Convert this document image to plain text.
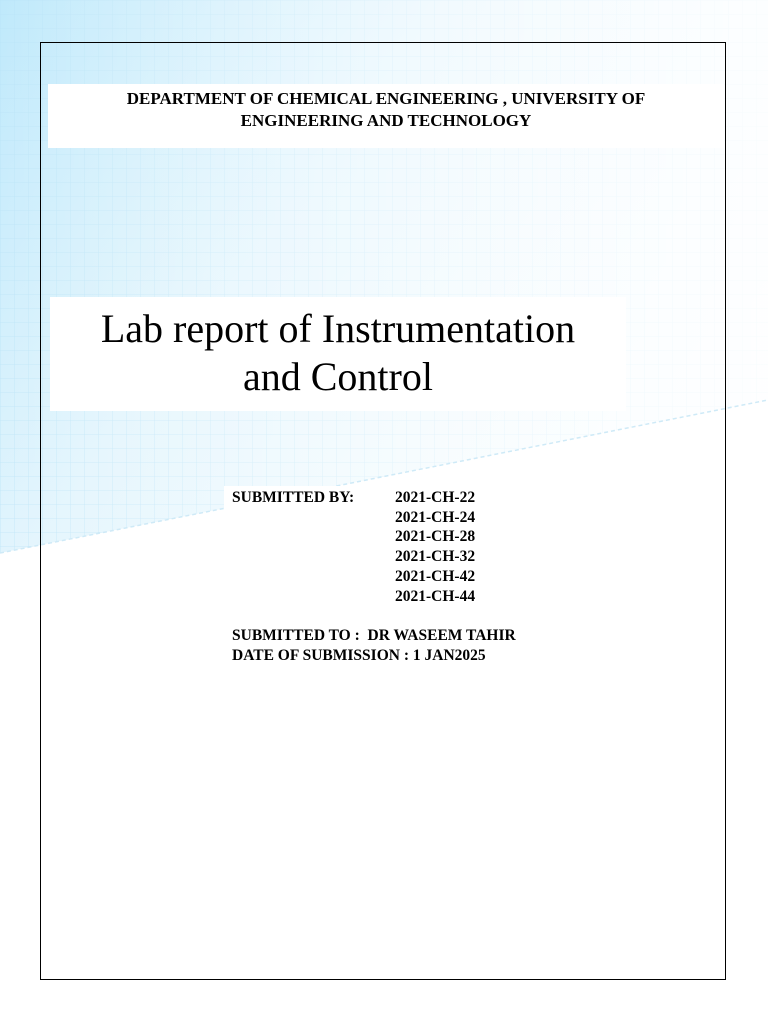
DEPARTMENT OF CHEMICAL ENGINEERING , UNIVERSITY OF
ENGINEERING AND TECHNOLOGY
Lab report of Instrumentation
and Control
SUBMITTED BY:	2021-CH-22
2021-CH-24
2021-CH-28
2021-CH-32
2021-CH-42
2021-CH-44
SUBMITTED TO : DR WASEEM TAHIR
DATE OF SUBMISSION : 1 JAN2025
